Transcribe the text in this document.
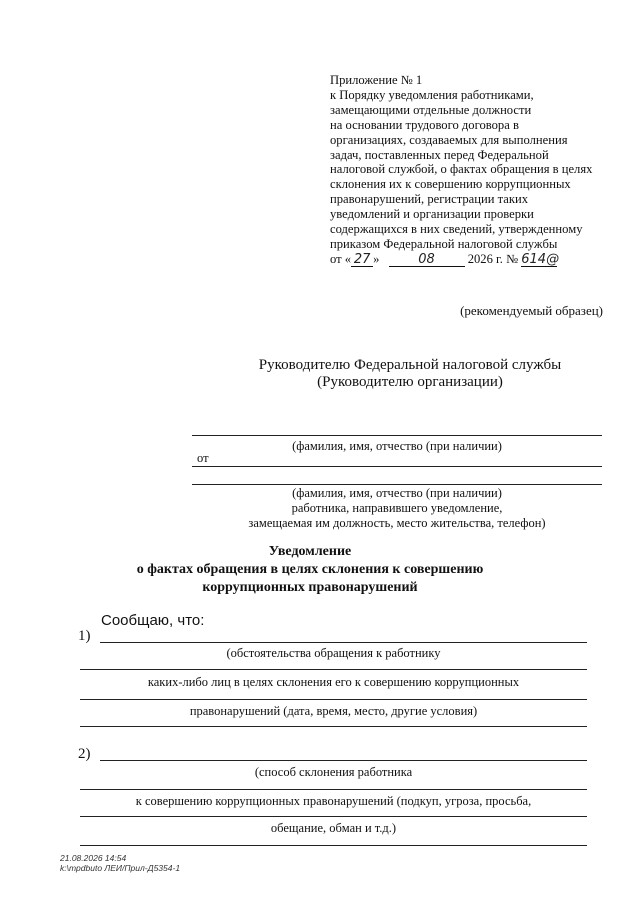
Приложение № 1
к Порядку уведомления работниками,
замещающими отдельные должности
на основании трудового договора в
организациях, создаваемых для выполнения
задач, поставленных перед Федеральной
налоговой службой, о фактах обращения в целях
склонения их к совершению коррупционных
правонарушений, регистрации таких
уведомлений и организации проверки
содержащихся в них сведений, утвержденному
приказом Федеральной налоговой службы
от « 27 »	08	2026 г. № 614@
(рекомендуемый образец)
Руководителю Федеральной налоговой службы
(Руководителю организации)
(фамилия, имя, отчество (при наличии)
от
(фамилия, имя, отчество (при наличии)
работника, направившего уведомление,
замещаемая им должность, место жительства, телефон)
Уведомление
о фактах обращения в целях склонения к совершению
коррупционных правонарушений
Сообщаю, что:
1)
(обстоятельства обращения к работнику
каких-либо лиц в целях склонения его к совершению коррупционных
правонарушений (дата, время, место, другие условия)
2)
(способ склонения работника
к совершению коррупционных правонарушений (подкуп, угроза, просьба,
обещание, обман и т.д.)
21.08.2026 14:54
k:\mpdbuto ЛЕИ/Прил-Д5354-1
